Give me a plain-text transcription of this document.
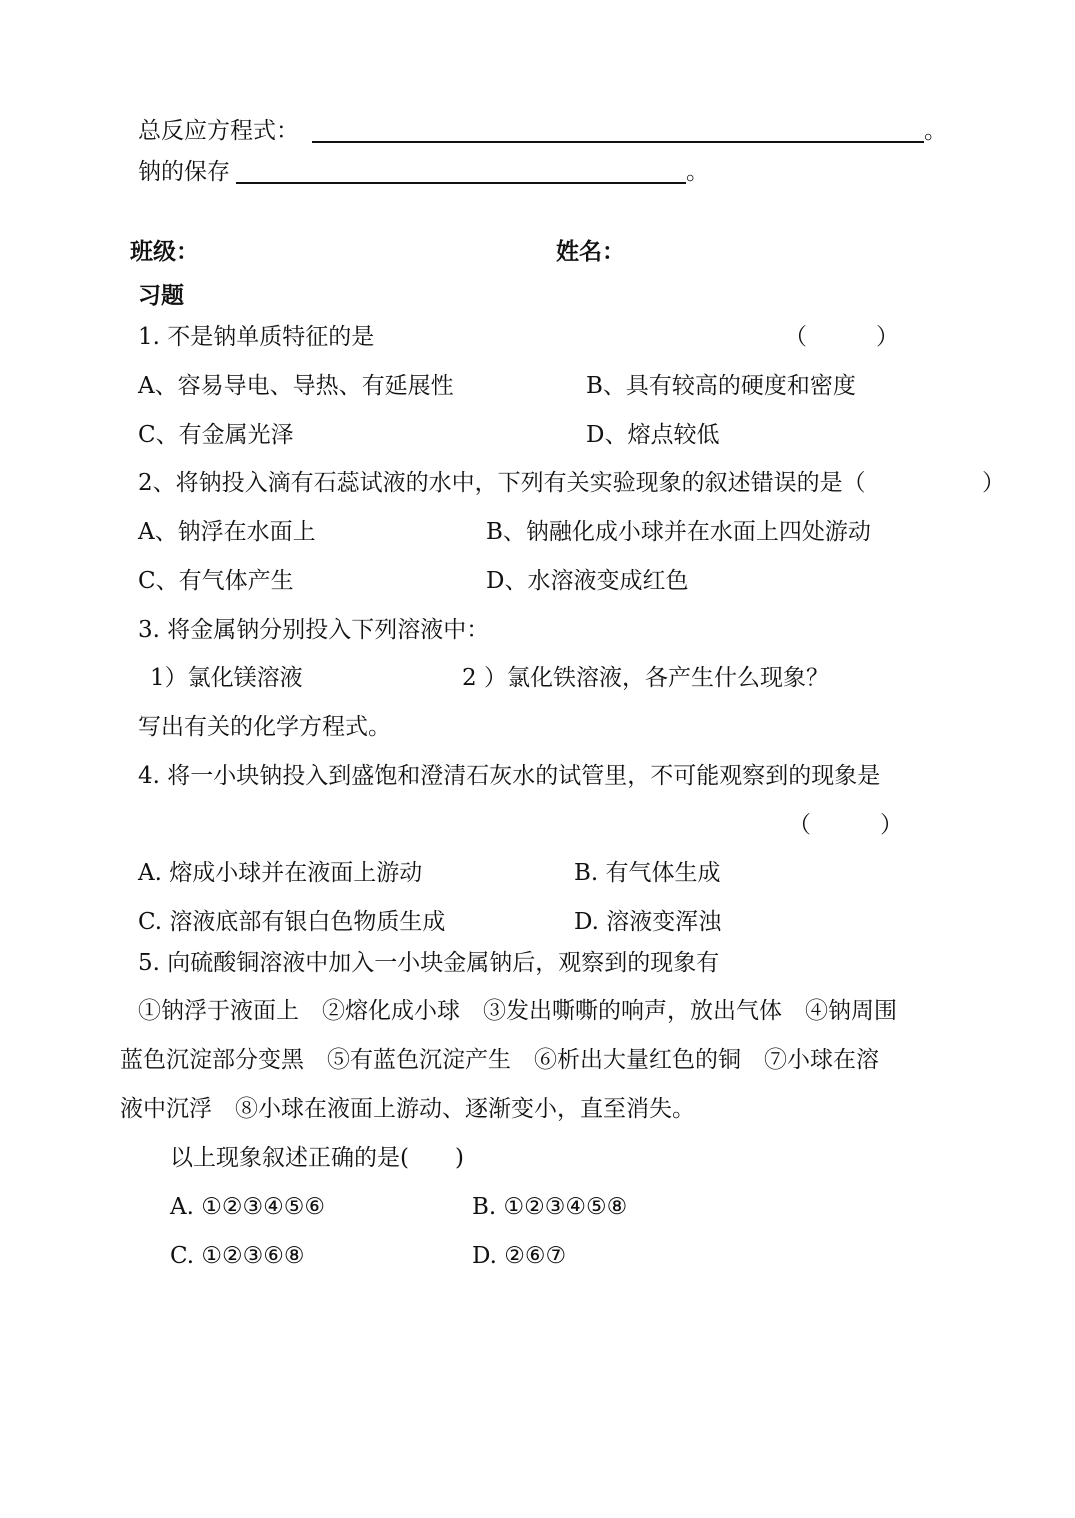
总反应方程式：	。
钠的保存	。
班级：	姓名：
习题
1. 不是钠单质特征的是	（　　　）
A、容易导电、导热、有延展性	B、具有较高的硬度和密度
C、有金属光泽	D、熔点较低
2、将钠投入滴有石蕊试液的水中，下列有关实验现象的叙述错误的是（	）
A、钠浮在水面上	B、钠融化成小球并在水面上四处游动
C、有气体产生	D、水溶液变成红色
3. 将金属钠分别投入下列溶液中：
1）氯化镁溶液	2 ）氯化铁溶液，各产生什么现象？
写出有关的化学方程式。
4. 将一小块钠投入到盛饱和澄清石灰水的试管里，不可能观察到的现象是
（　　　）
A. 熔成小球并在液面上游动	B. 有气体生成
C. 溶液底部有银白色物质生成	D. 溶液变浑浊
5. 向硫酸铜溶液中加入一小块金属钠后，观察到的现象有
①钠浮于液面上　②熔化成小球　③发出嘶嘶的响声，放出气体　④钠周围
蓝色沉淀部分变黑　⑤有蓝色沉淀产生　⑥析出大量红色的铜　⑦小球在溶
液中沉浮　⑧小球在液面上游动、逐渐变小，直至消失。
以上现象叙述正确的是(　　)
A. ①②③④⑤⑥	B. ①②③④⑤⑧
C. ①②③⑥⑧	D. ②⑥⑦
